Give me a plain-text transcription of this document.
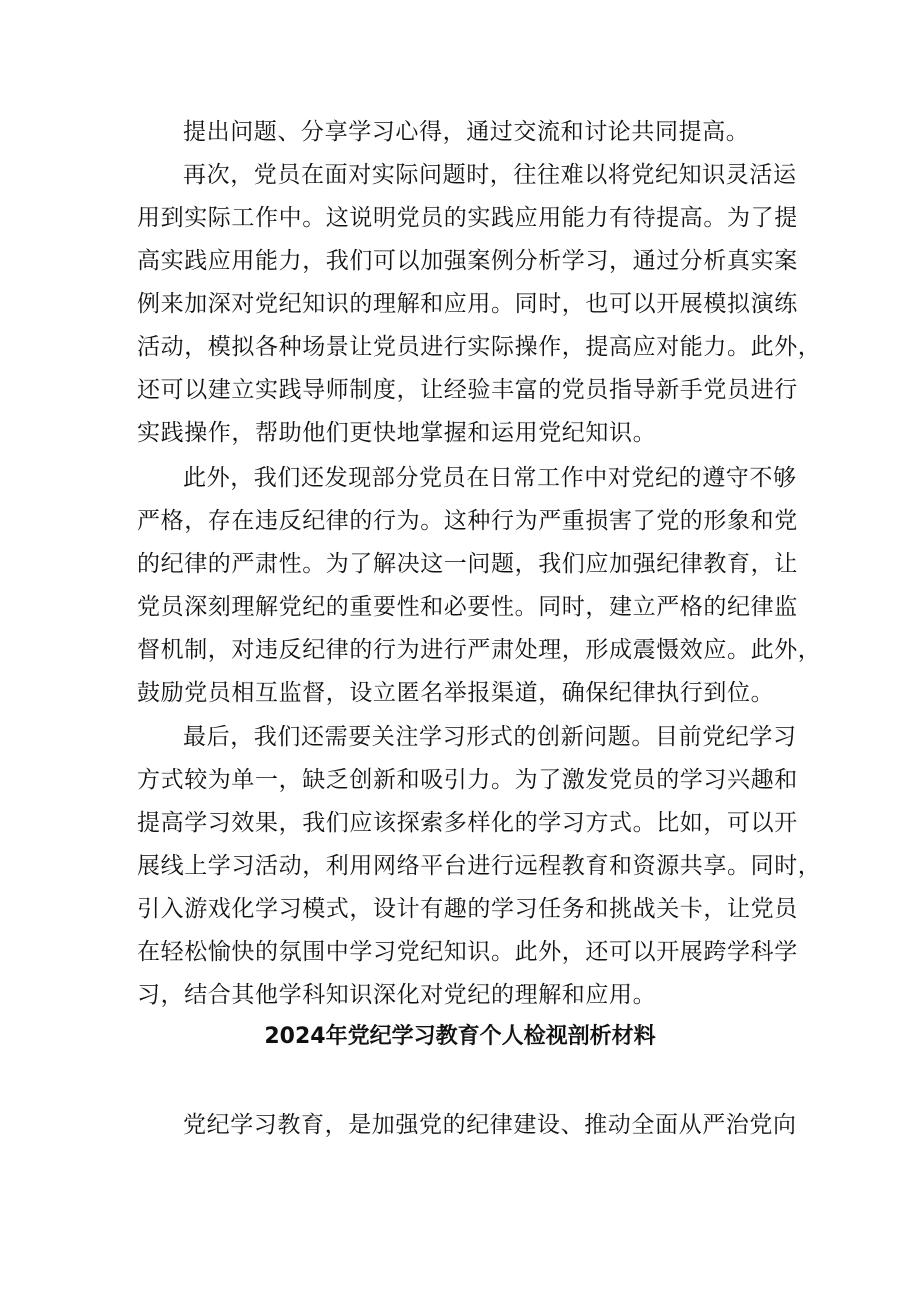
提出问题、分享学习心得，通过交流和讨论共同提高。
再次，党员在面对实际问题时，往往难以将党纪知识灵活运
用到实际工作中。这说明党员的实践应用能力有待提高。为了提
高实践应用能力，我们可以加强案例分析学习，通过分析真实案
例来加深对党纪知识的理解和应用。同时，也可以开展模拟演练
活动，模拟各种场景让党员进行实际操作，提高应对能力。此外，
还可以建立实践导师制度，让经验丰富的党员指导新手党员进行
实践操作，帮助他们更快地掌握和运用党纪知识。
此外，我们还发现部分党员在日常工作中对党纪的遵守不够
严格，存在违反纪律的行为。这种行为严重损害了党的形象和党
的纪律的严肃性。为了解决这一问题，我们应加强纪律教育，让
党员深刻理解党纪的重要性和必要性。同时，建立严格的纪律监
督机制，对违反纪律的行为进行严肃处理，形成震慑效应。此外，
鼓励党员相互监督，设立匿名举报渠道，确保纪律执行到位。
最后，我们还需要关注学习形式的创新问题。目前党纪学习
方式较为单一，缺乏创新和吸引力。为了激发党员的学习兴趣和
提高学习效果，我们应该探索多样化的学习方式。比如，可以开
展线上学习活动，利用网络平台进行远程教育和资源共享。同时，
引入游戏化学习模式，设计有趣的学习任务和挑战关卡，让党员
在轻松愉快的氛围中学习党纪知识。此外，还可以开展跨学科学
习，结合其他学科知识深化对党纪的理解和应用。
2024年党纪学习教育个人检视剖析材料
党纪学习教育，是加强党的纪律建设、推动全面从严治党向
